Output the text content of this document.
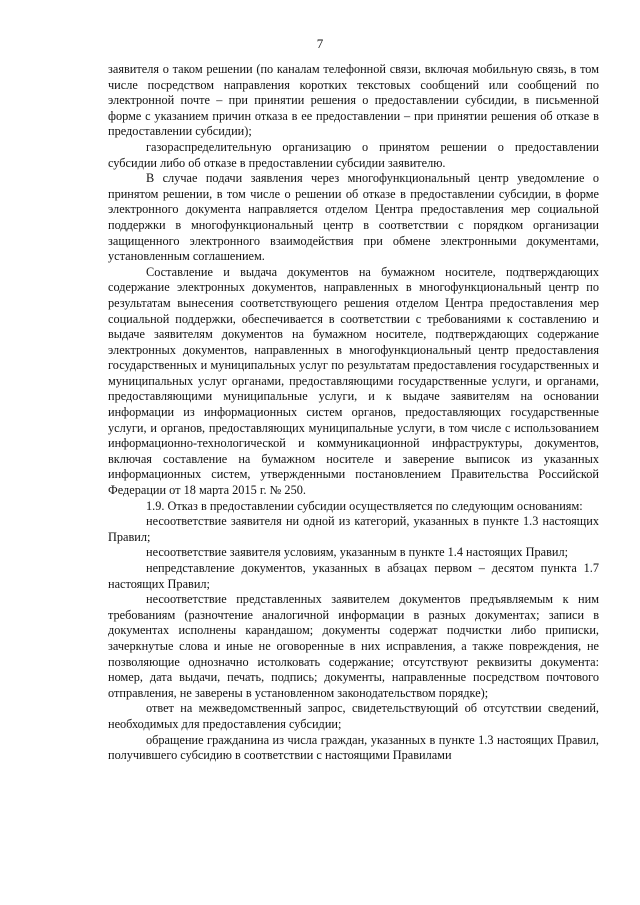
7

заявителя о таком решении (по каналам телефонной связи, включая мобильную связь, в том числе посредством направления коротких текстовых сообщений или сообщений по электронной почте – при принятии решения о предоставлении субсидии, в письменной форме с указанием причин отказа в ее предоставлении – при принятии решения об отказе в предоставлении субсидии);

газораспределительную организацию о принятом решении о предоставлении субсидии либо об отказе в предоставлении субсидии заявителю.

В случае подачи заявления через многофункциональный центр уведомление о принятом решении, в том числе о решении об отказе в предоставлении субсидии, в форме электронного документа направляется отделом Центра предоставления мер социальной поддержки в многофункциональный центр в соответствии с порядком организации защищенного электронного взаимодействия при обмене электронными документами, установленным соглашением.

Составление и выдача документов на бумажном носителе, подтверждающих содержание электронных документов, направленных в многофункциональный центр по результатам вынесения соответствующего решения отделом Центра предоставления мер социальной поддержки, обеспечивается в соответствии с требованиями к составлению и выдаче заявителям документов на бумажном носителе, подтверждающих содержание электронных документов, направленных в многофункциональный центр предоставления государственных и муниципальных услуг по результатам предоставления государственных и муниципальных услуг органами, предоставляющими государственные услуги, и органами, предоставляющими муниципальные услуги, и к выдаче заявителям на основании информации из информационных систем органов, предоставляющих государственные услуги, и органов, предоставляющих муниципальные услуги, в том числе с использованием информационно-технологической и коммуникационной инфраструктуры, документов, включая составление на бумажном носителе и заверение выписок из указанных информационных систем, утвержденными постановлением Правительства Российской Федерации от 18 марта 2015 г. № 250.

1.9. Отказ в предоставлении субсидии осуществляется по следующим основаниям:

несоответствие заявителя ни одной из категорий, указанных в пункте 1.3 настоящих Правил;

несоответствие заявителя условиям, указанным в пункте 1.4 настоящих Правил;

непредставление документов, указанных в абзацах первом – десятом пункта 1.7 настоящих Правил;

несоответствие представленных заявителем документов предъявляемым к ним требованиям (разночтение аналогичной информации в разных документах; записи в документах исполнены карандашом; документы содержат подчистки либо приписки, зачеркнутые слова и иные не оговоренные в них исправления, а также повреждения, не позволяющие однозначно истолковать содержание; отсутствуют реквизиты документа: номер, дата выдачи, печать, подпись; документы, направленные посредством почтового отправления, не заверены в установленном законодательством порядке);

ответ на межведомственный запрос, свидетельствующий об отсутствии сведений, необходимых для предоставления субсидии;

обращение гражданина из числа граждан, указанных в пункте 1.3 настоящих Правил, получившего субсидию в соответствии с настоящими Правилами
